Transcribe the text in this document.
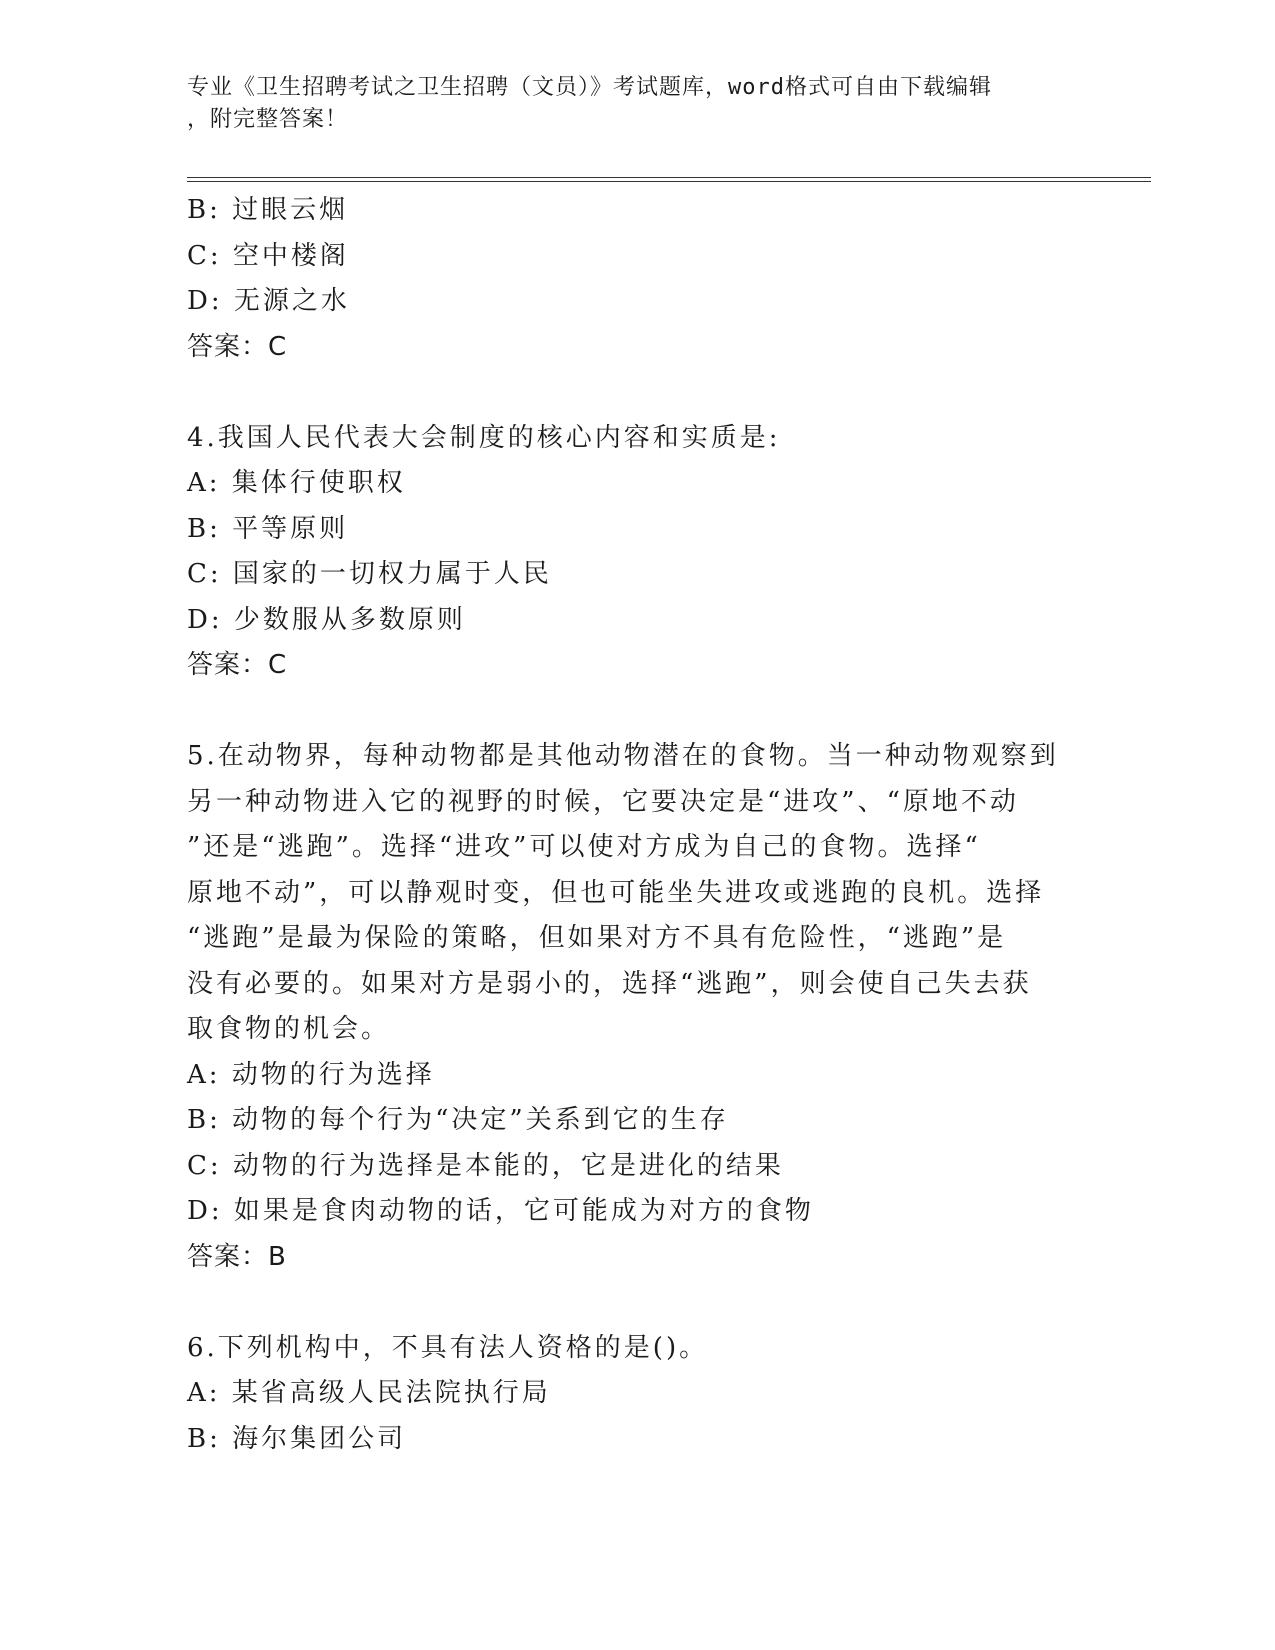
专业《卫生招聘考试之卫生招聘（文员）》考试题库，word格式可自由下载编辑
，附完整答案！
B: 过眼云烟
C: 空中楼阁
D: 无源之水
答案：C
4.我国人民代表大会制度的核心内容和实质是:
A: 集体行使职权
B: 平等原则
C: 国家的一切权力属于人民
D: 少数服从多数原则
答案：C
5.在动物界，每种动物都是其他动物潜在的食物。当一种动物观察到
另一种动物进入它的视野的时候，它要决定是“进攻”、“原地不动
”还是“逃跑”。选择“进攻”可以使对方成为自己的食物。选择“
原地不动”，可以静观时变，但也可能坐失进攻或逃跑的良机。选择
“逃跑”是最为保险的策略，但如果对方不具有危险性，“逃跑”是
没有必要的。如果对方是弱小的，选择“逃跑”，则会使自己失去获
取食物的机会。
A: 动物的行为选择
B: 动物的每个行为“决定”关系到它的生存
C: 动物的行为选择是本能的，它是进化的结果
D: 如果是食肉动物的话，它可能成为对方的食物
答案：B
6.下列机构中，不具有法人资格的是()。
A: 某省高级人民法院执行局
B: 海尔集团公司
